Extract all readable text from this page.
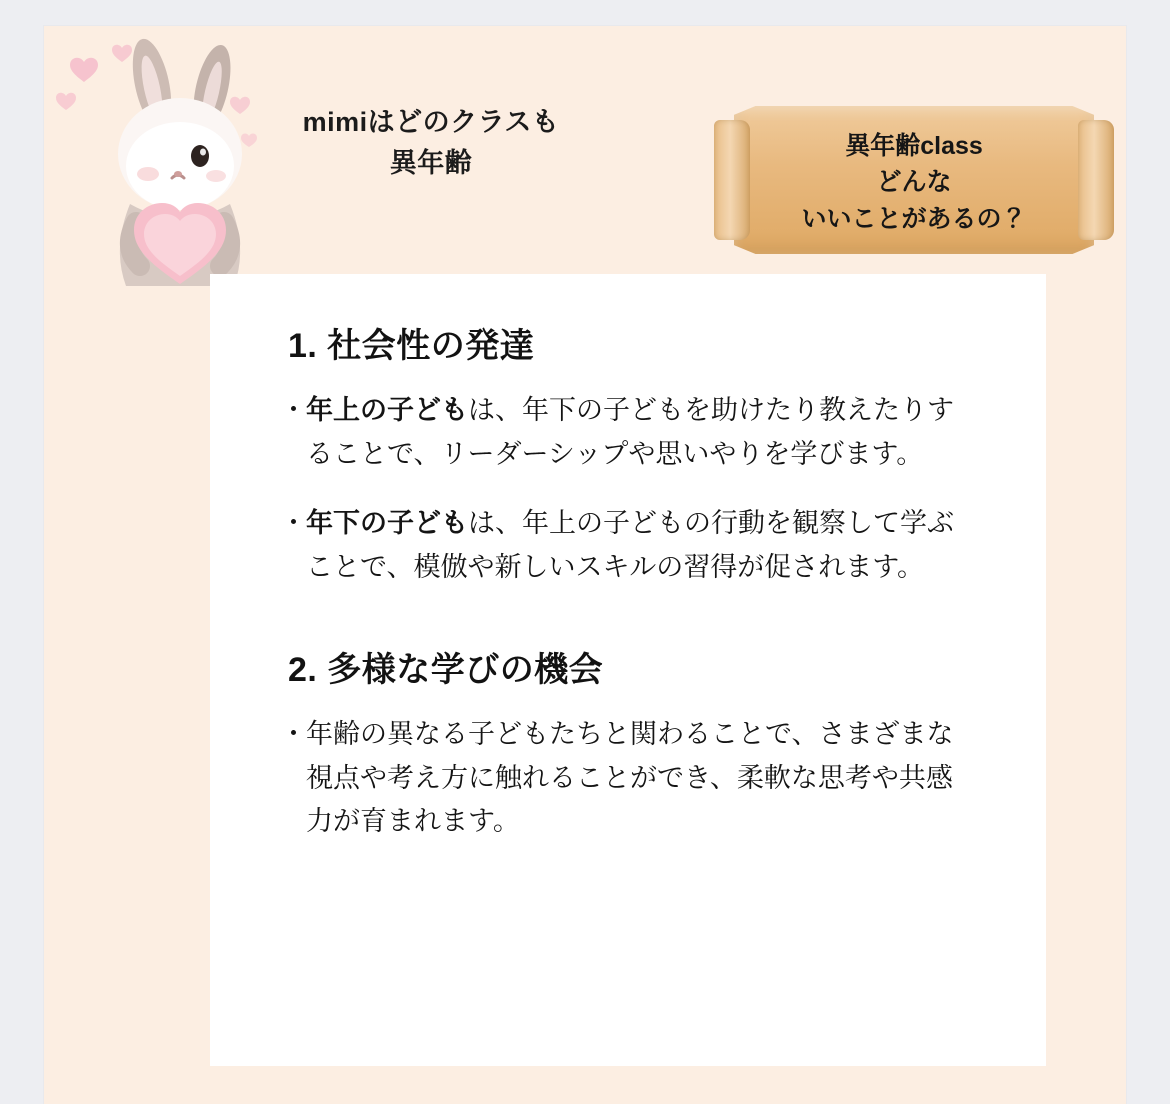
mimiはどのクラスも
異年齢
異年齢class
どんな
いいことがあるの？
1. 社会性の発達
・ 年上の子どもは、年下の子どもを助けたり教えたりすることで、リーダーシップや思いやりを学びます。
・ 年下の子どもは、年上の子どもの行動を観察して学ぶことで、模倣や新しいスキルの習得が促されます。
2. 多様な学びの機会
・ 年齢の異なる子どもたちと関わることで、さまざまな視点や考え方に触れることができ、柔軟な思考や共感力が育まれます。
